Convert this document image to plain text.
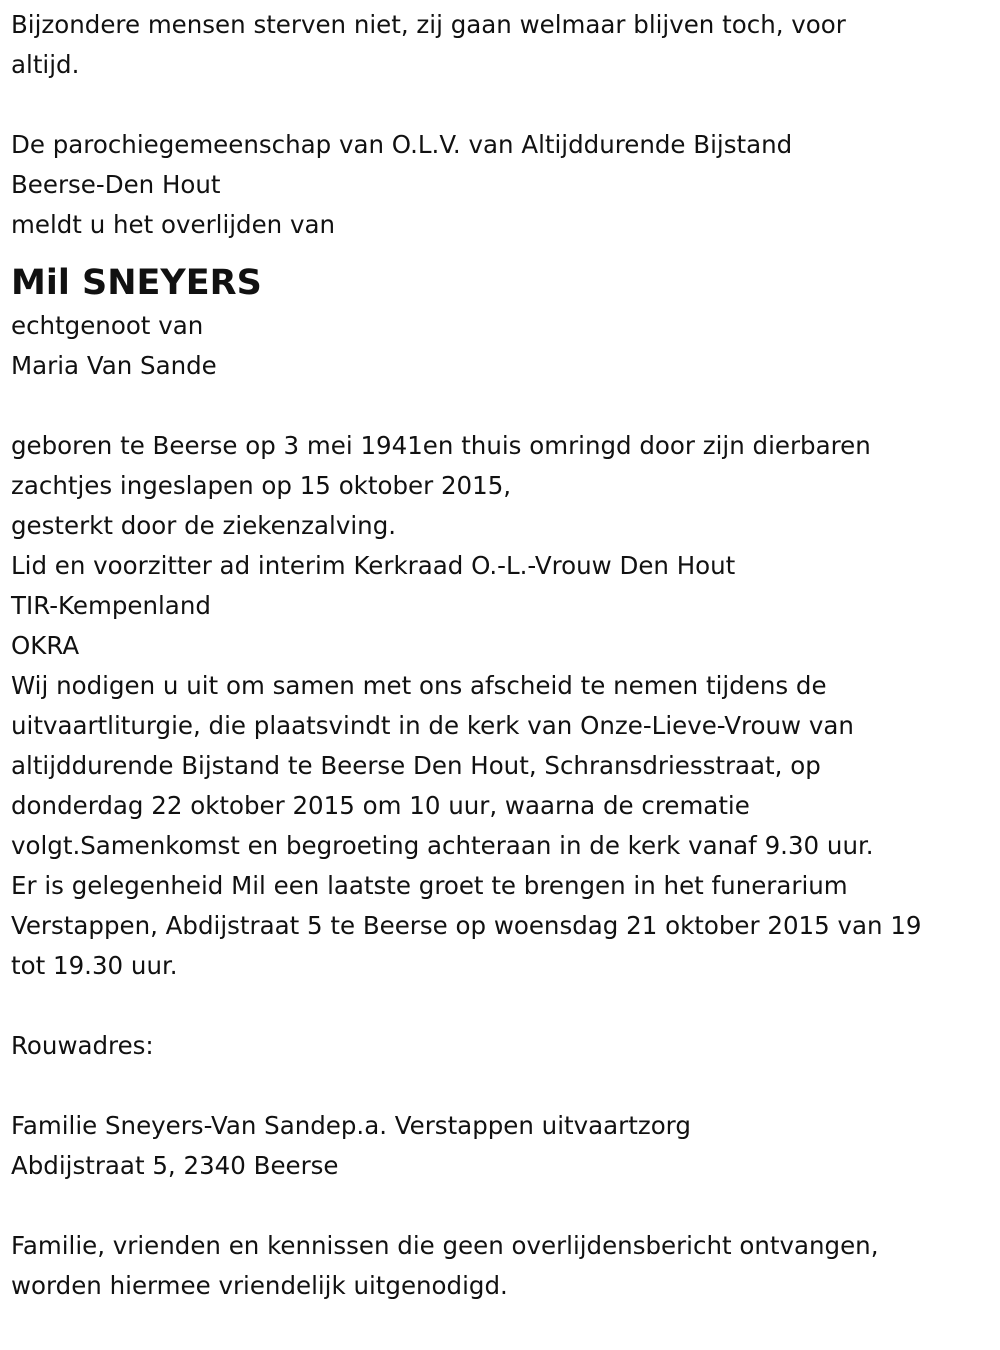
Bijzondere mensen sterven niet, zij gaan welmaar blijven toch, voor
altijd.
De parochiegemeenschap van O.L.V. van Altijddurende Bijstand
Beerse-Den Hout
meldt u het overlijden van
Mil SNEYERS
echtgenoot van
Maria Van Sande
geboren te Beerse op 3 mei 1941en thuis omringd door zijn dierbaren
zachtjes ingeslapen op 15 oktober 2015,
gesterkt door de ziekenzalving.
Lid en voorzitter ad interim Kerkraad O.-L.-Vrouw Den Hout
TIR-Kempenland
OKRA
Wij nodigen u uit om samen met ons afscheid te nemen tijdens de
uitvaartliturgie, die plaatsvindt in de kerk van Onze-Lieve-Vrouw van
altijddurende Bijstand te Beerse Den Hout, Schransdriesstraat, op
donderdag 22 oktober 2015 om 10 uur, waarna de crematie
volgt.Samenkomst en begroeting achteraan in de kerk vanaf 9.30 uur.
Er is gelegenheid Mil een laatste groet te brengen in het funerarium
Verstappen, Abdijstraat 5 te Beerse op woensdag 21 oktober 2015 van 19
tot 19.30 uur.
Rouwadres:
Familie Sneyers-Van Sandep.a. Verstappen uitvaartzorg
Abdijstraat 5, 2340 Beerse
Familie, vrienden en kennissen die geen overlijdensbericht ontvangen,
worden hiermee vriendelijk uitgenodigd.
